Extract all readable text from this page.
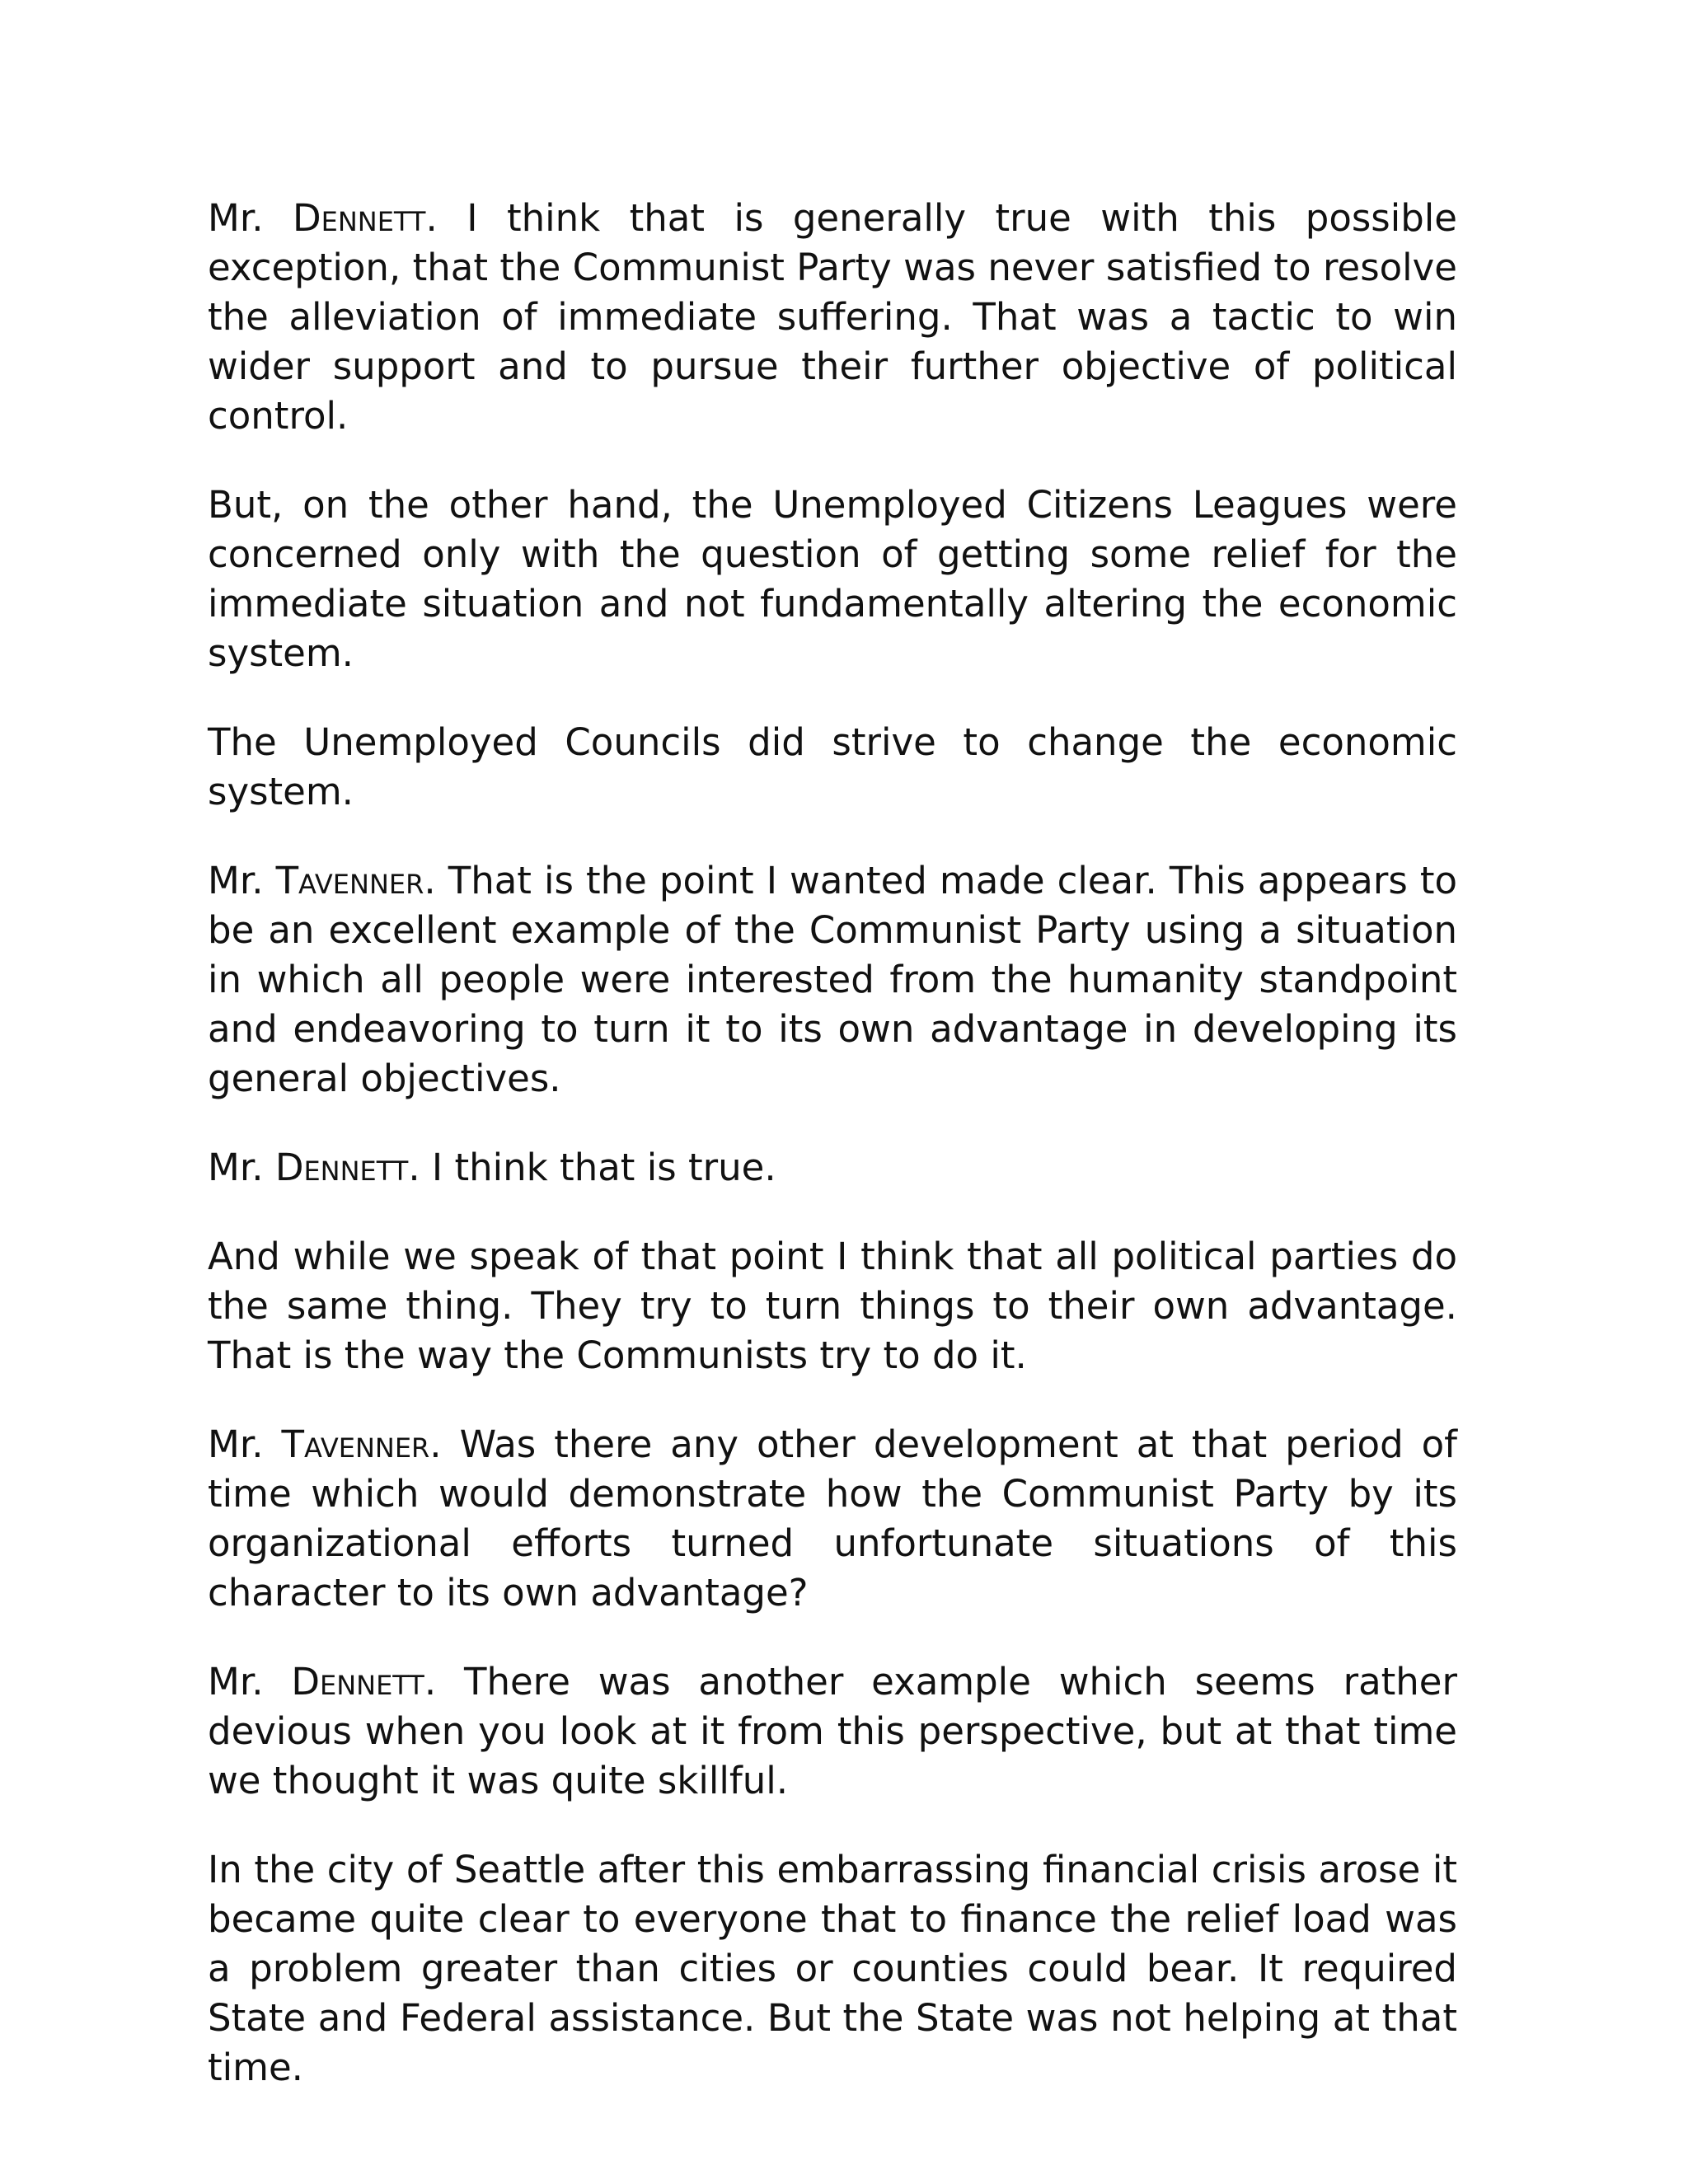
Mr. Dennett. I think that is generally true with this possible exception, that the Communist Party was never satisfied to resolve the alleviation of immediate suffering. That was a tactic to win wider support and to pursue their further objective of political control.

But, on the other hand, the Unemployed Citizens Leagues were concerned only with the question of getting some relief for the immediate situation and not fundamentally altering the economic system.

The Unemployed Councils did strive to change the economic system.

Mr. Tavenner. That is the point I wanted made clear. This appears to be an excellent example of the Communist Party using a situation in which all people were interested from the humanity standpoint and endeavoring to turn it to its own advantage in developing its general objectives.

Mr. Dennett. I think that is true.

And while we speak of that point I think that all political parties do the same thing. They try to turn things to their own advantage. That is the way the Communists try to do it.

Mr. Tavenner. Was there any other development at that period of time which would demonstrate how the Communist Party by its organizational efforts turned unfortunate situations of this character to its own advantage?

Mr. Dennett. There was another example which seems rather devious when you look at it from this perspective, but at that time we thought it was quite skillful.

In the city of Seattle after this embarrassing financial crisis arose it became quite clear to everyone that to finance the relief load was a problem greater than cities or counties could bear. It required State and Federal assistance. But the State was not helping at that time.
